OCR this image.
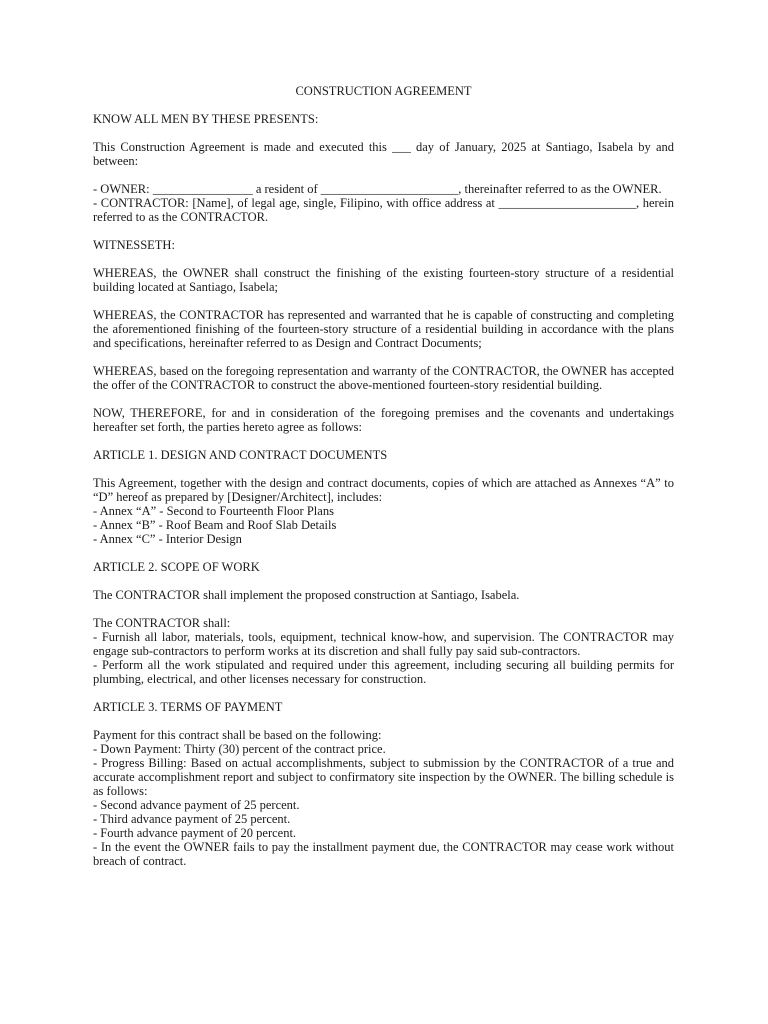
CONSTRUCTION AGREEMENT

KNOW ALL MEN BY THESE PRESENTS:

This Construction Agreement is made and executed this ___ day of January, 2025 at Santiago, Isabela by and between:

- OWNER: ________________ a resident of ______________________, thereinafter referred to as the OWNER.

- CONTRACTOR: [Name], of legal age, single, Filipino, with office address at ______________________, herein referred to as the CONTRACTOR.

WITNESSETH:

WHEREAS, the OWNER shall construct the finishing of the existing fourteen-story structure of a residential building located at Santiago, Isabela;

WHEREAS, the CONTRACTOR has represented and warranted that he is capable of constructing and completing the aforementioned finishing of the fourteen-story structure of a residential building in accordance with the plans and specifications, hereinafter referred to as Design and Contract Documents;

WHEREAS, based on the foregoing representation and warranty of the CONTRACTOR, the OWNER has accepted the offer of the CONTRACTOR to construct the above-mentioned fourteen-story residential building.

NOW, THEREFORE, for and in consideration of the foregoing premises and the covenants and undertakings hereafter set forth, the parties hereto agree as follows:

ARTICLE 1. DESIGN AND CONTRACT DOCUMENTS

This Agreement, together with the design and contract documents, copies of which are attached as Annexes “A” to “D” hereof as prepared by [Designer/Architect], includes:

- Annex “A” - Second to Fourteenth Floor Plans

- Annex “B” - Roof Beam and Roof Slab Details

- Annex “C” - Interior Design

ARTICLE 2. SCOPE OF WORK

The CONTRACTOR shall implement the proposed construction at Santiago, Isabela.

The CONTRACTOR shall:

- Furnish all labor, materials, tools, equipment, technical know-how, and supervision. The CONTRACTOR may engage sub-contractors to perform works at its discretion and shall fully pay said sub-contractors.

- Perform all the work stipulated and required under this agreement, including securing all building permits for plumbing, electrical, and other licenses necessary for construction.

ARTICLE 3. TERMS OF PAYMENT

Payment for this contract shall be based on the following:

- Down Payment: Thirty (30) percent of the contract price.

- Progress Billing: Based on actual accomplishments, subject to submission by the CONTRACTOR of a true and accurate accomplishment report and subject to confirmatory site inspection by the OWNER. The billing schedule is as follows:

- Second advance payment of 25 percent.

- Third advance payment of 25 percent.

- Fourth advance payment of 20 percent.

- In the event the OWNER fails to pay the installment payment due, the CONTRACTOR may cease work without breach of contract.
